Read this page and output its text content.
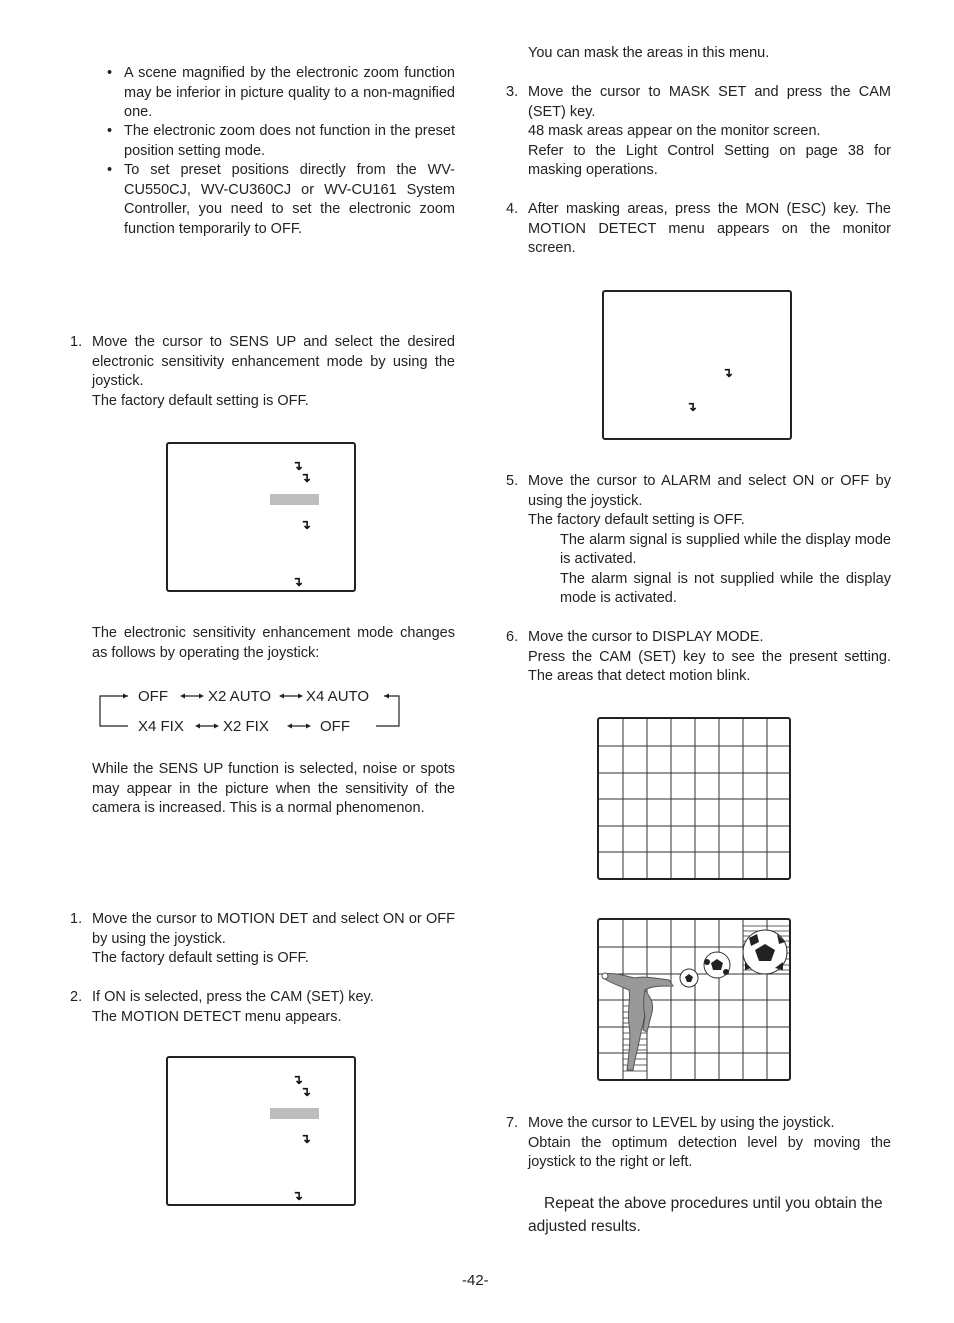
• A scene magnified by the electronic zoom function may be inferior in picture quality to a non-magnified one.
• The electronic zoom does not function in the preset position setting mode.
• To set preset positions directly from the WV-CU550CJ, WV-CU360CJ or WV-CU161 System Controller, you need to set the electronic zoom function temporarily to OFF.
1. Move the cursor to SENS UP and select the desired electronic sensitivity enhancement mode by using the joystick.
The factory default setting is OFF.
↴
↴
↴
↴
The electronic sensitivity enhancement mode changes as follows by operating the joystick:
OFF	X2 AUTO X4 AUTO
X4 FIX	X2 FIX	OFF
While the SENS UP function is selected, noise or spots may appear in the picture when the sensitivity of the camera is increased. This is a normal phenomenon.
1. Move the cursor to MOTION DET and select ON or OFF by using the joystick.
The factory default setting is OFF.
2. If ON is selected, press the CAM (SET) key.
The MOTION DETECT menu appears.
↴
↴
↴
↴
You can mask the areas in this menu.
3. Move the cursor to MASK SET and press the CAM (SET) key.
48 mask areas appear on the monitor screen.
Refer to the Light Control Setting on page 38 for masking operations.
4. After masking areas, press the MON (ESC) key. The MOTION DETECT menu appears on the monitor screen.
↴
↴
5. Move the cursor to ALARM and select ON or OFF by using the joystick.
The factory default setting is OFF.
The alarm signal is supplied while the display mode is activated.
The alarm signal is not supplied while the display mode is activated.
6. Move the cursor to DISPLAY MODE.
Press the CAM (SET) key to see the present setting. The areas that detect motion blink.
7. Move the cursor to LEVEL by using the joystick.
Obtain the optimum detection level by moving the joystick to the right or left.
Repeat the above procedures until you obtain the adjusted results.
-42-
